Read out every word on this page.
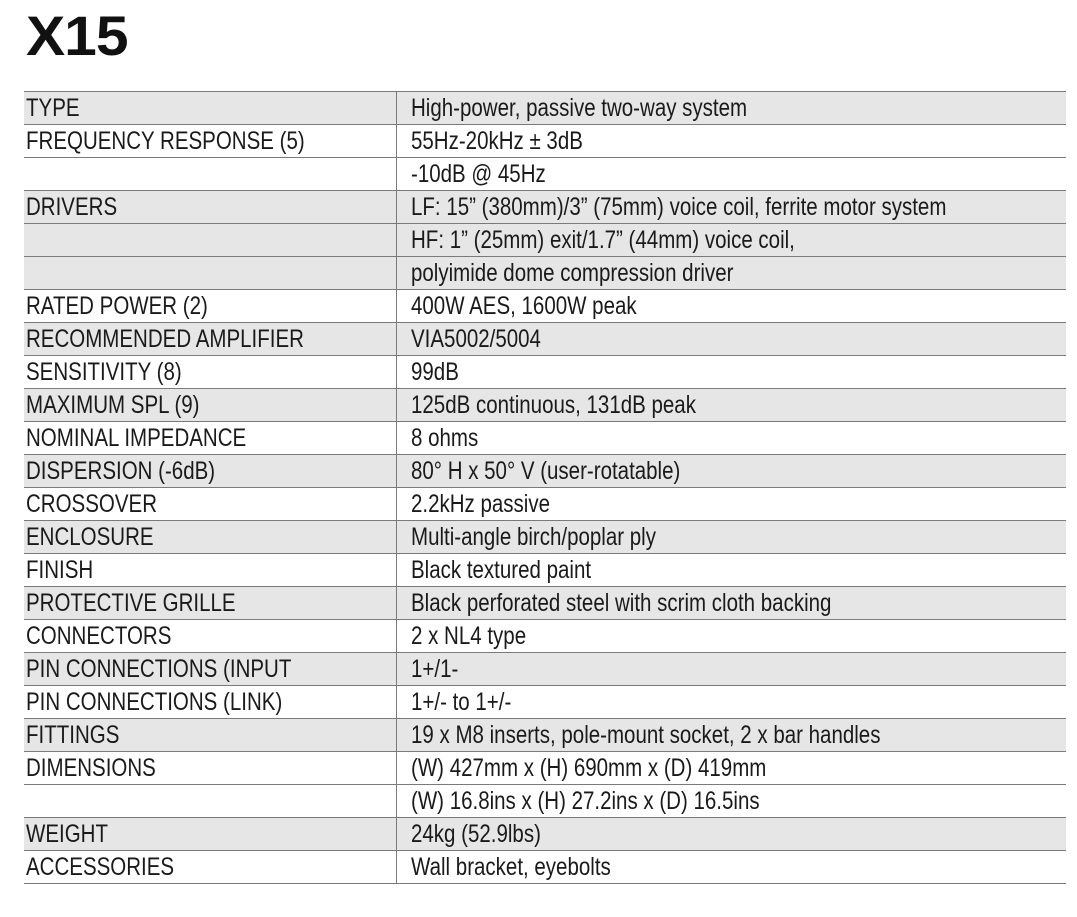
X15
TYPE	High-power, passive two-way system
FREQUENCY RESPONSE (5)	55Hz-20kHz ± 3dB
	-10dB @ 45Hz
DRIVERS	LF: 15” (380mm)/3” (75mm) voice coil, ferrite motor system
	HF: 1” (25mm) exit/1.7” (44mm) voice coil,
	polyimide dome compression driver
RATED POWER (2)	400W AES, 1600W peak
RECOMMENDED AMPLIFIER	VIA5002/5004
SENSITIVITY (8)	99dB
MAXIMUM SPL (9)	125dB continuous, 131dB peak
NOMINAL IMPEDANCE	8 ohms
DISPERSION (-6dB)	80° H x 50° V (user-rotatable)
CROSSOVER	2.2kHz passive
ENCLOSURE	Multi-angle birch/poplar ply
FINISH	Black textured paint
PROTECTIVE GRILLE	Black perforated steel with scrim cloth backing
CONNECTORS	2 x NL4 type
PIN CONNECTIONS (INPUT	1+/1-
PIN CONNECTIONS (LINK)	1+/- to 1+/-
FITTINGS	19 x M8 inserts, pole-mount socket, 2 x bar handles
DIMENSIONS	(W) 427mm x (H) 690mm x (D) 419mm
	(W) 16.8ins x (H) 27.2ins x (D) 16.5ins
WEIGHT	24kg (52.9lbs)
ACCESSORIES	Wall bracket, eyebolts
